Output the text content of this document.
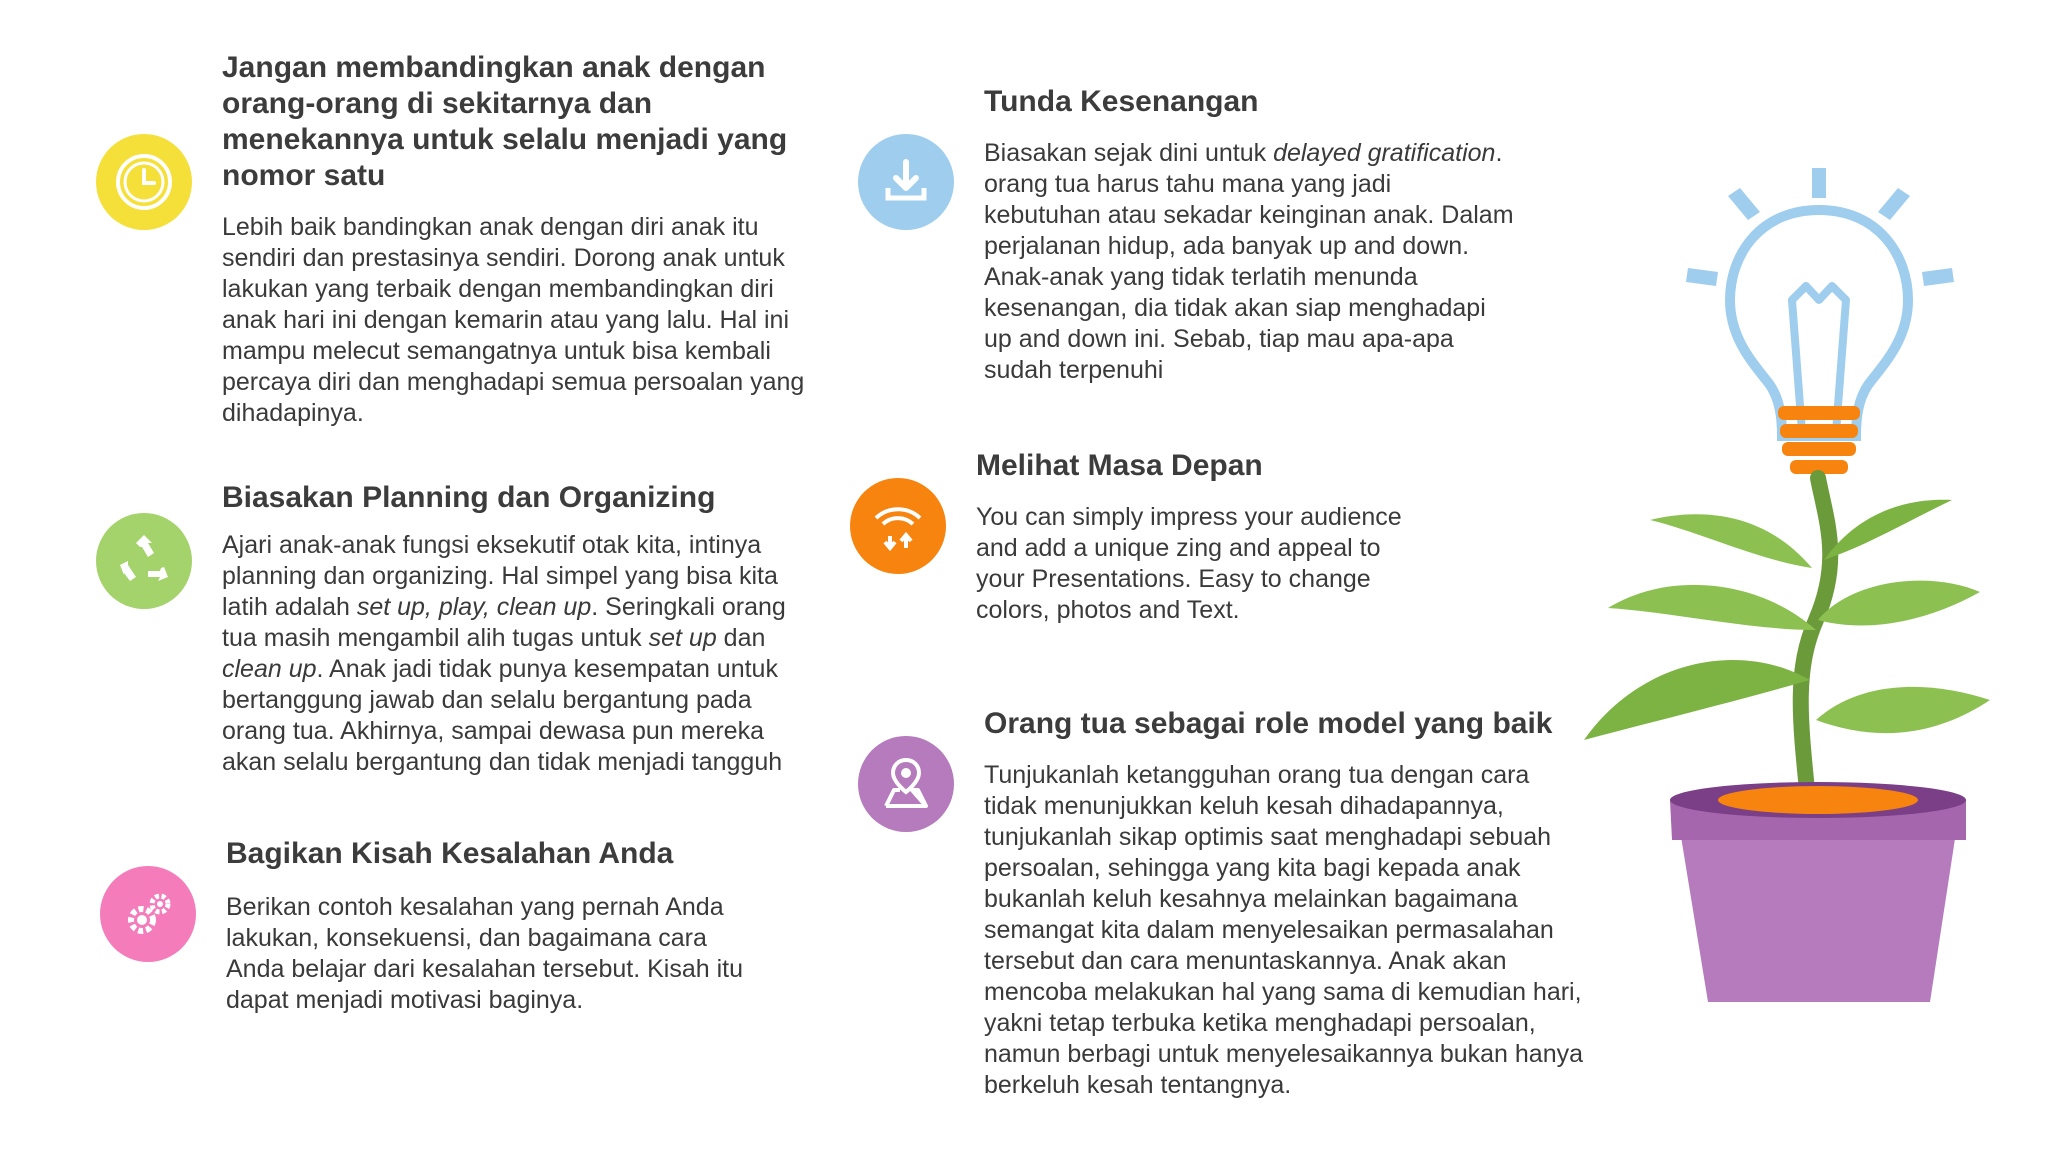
Jangan membandingkan anak dengan orang-orang di sekitarnya dan menekannya untuk selalu menjadi yang nomor satu

Lebih baik bandingkan anak dengan diri anak itu sendiri dan prestasinya sendiri. Dorong anak untuk lakukan yang terbaik dengan membandingkan diri anak hari ini dengan kemarin atau yang lalu. Hal ini mampu melecut semangatnya untuk bisa kembali percaya diri dan menghadapi semua persoalan yang dihadapinya.

Biasakan Planning dan Organizing

Ajari anak-anak fungsi eksekutif otak kita, intinya planning dan organizing. Hal simpel yang bisa kita latih adalah set up, play, clean up. Seringkali orang tua masih mengambil alih tugas untuk set up dan clean up. Anak jadi tidak punya kesempatan untuk bertanggung jawab dan selalu bergantung pada orang tua. Akhirnya, sampai dewasa pun mereka akan selalu bergantung dan tidak menjadi tangguh

Bagikan Kisah Kesalahan Anda

Berikan contoh kesalahan yang pernah Anda lakukan, konsekuensi, dan bagaimana cara Anda belajar dari kesalahan tersebut. Kisah itu dapat menjadi motivasi baginya.

Tunda Kesenangan

Biasakan sejak dini untuk delayed gratification. orang tua harus tahu mana yang jadi kebutuhan atau sekadar keinginan anak. Dalam perjalanan hidup, ada banyak up and down. Anak-anak yang tidak terlatih menunda kesenangan, dia tidak akan siap menghadapi up and down ini. Sebab, tiap mau apa-apa sudah terpenuhi

Melihat Masa Depan

You can simply impress your audience and add a unique zing and appeal to your Presentations. Easy to change colors, photos and Text.

Orang tua sebagai role model yang baik

Tunjukanlah ketangguhan orang tua dengan cara tidak menunjukkan keluh kesah dihadapannya, tunjukanlah sikap optimis saat menghadapi sebuah persoalan, sehingga yang kita bagi kepada anak bukanlah keluh kesahnya melainkan bagaimana semangat kita dalam menyelesaikan permasalahan tersebut dan cara menuntaskannya. Anak akan mencoba melakukan hal yang sama di kemudian hari, yakni tetap terbuka ketika menghadapi persoalan, namun berbagi untuk menyelesaikannya bukan hanya berkeluh kesah tentangnya.
